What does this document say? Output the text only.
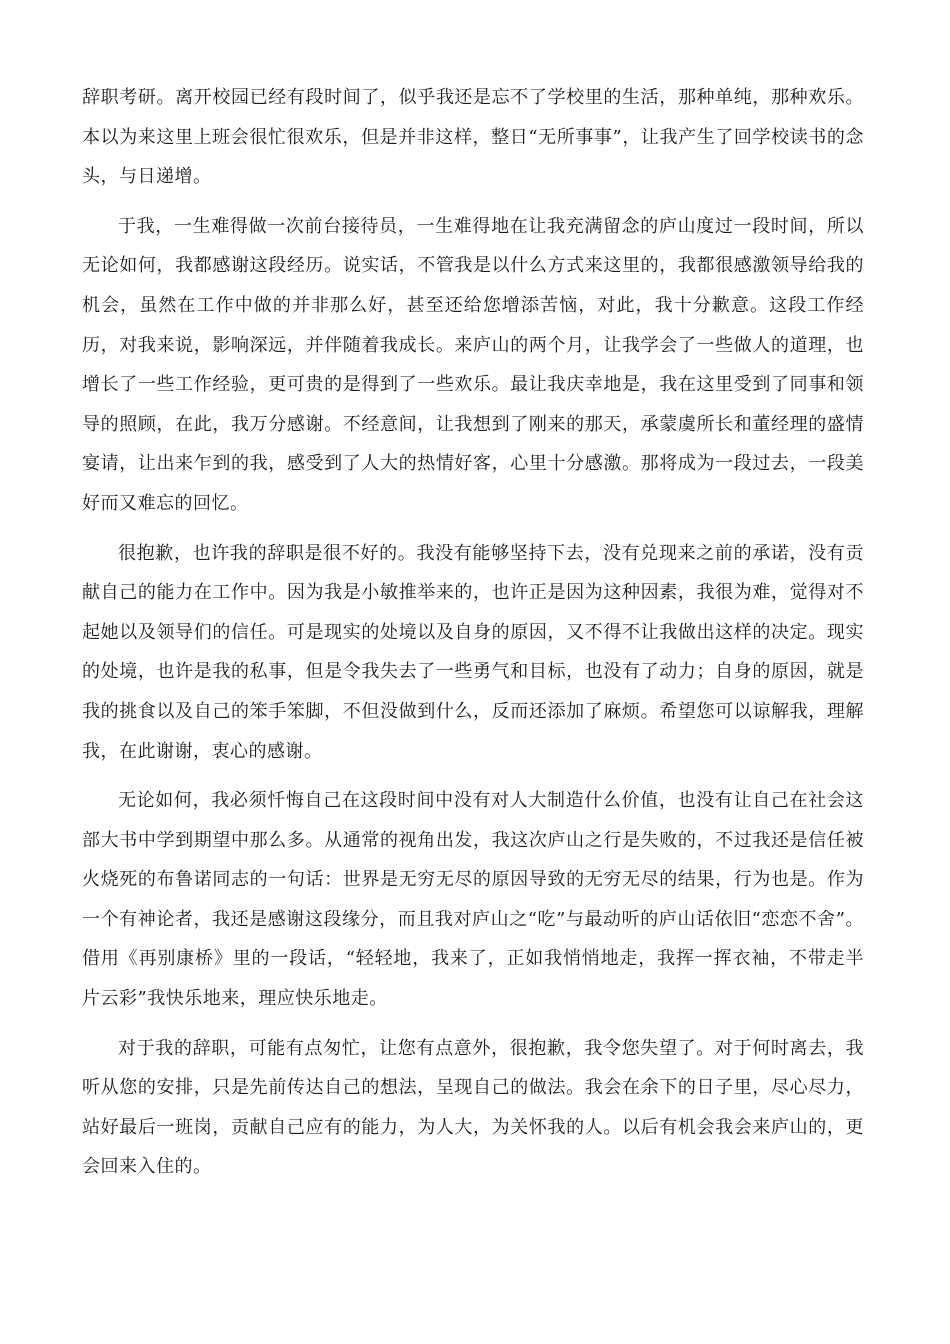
辞职考研。离开校园已经有段时间了，似乎我还是忘不了学校里的生活，那种单纯，那种欢乐。本以为来这里上班会很忙很欢乐，但是并非这样，整日“无所事事”，让我产生了回学校读书的念头，与日递增。

于我，一生难得做一次前台接待员，一生难得地在让我充满留念的庐山度过一段时间，所以无论如何，我都感谢这段经历。说实话，不管我是以什么方式来这里的，我都很感激领导给我的机会，虽然在工作中做的并非那么好，甚至还给您增添苦恼，对此，我十分歉意。这段工作经历，对我来说，影响深远，并伴随着我成长。来庐山的两个月，让我学会了一些做人的道理，也增长了一些工作经验，更可贵的是得到了一些欢乐。最让我庆幸地是，我在这里受到了同事和领导的照顾，在此，我万分感谢。不经意间，让我想到了刚来的那天，承蒙虞所长和董经理的盛情宴请，让出来乍到的我，感受到了人大的热情好客，心里十分感激。那将成为一段过去，一段美好而又难忘的回忆。

很抱歉，也许我的辞职是很不好的。我没有能够坚持下去，没有兑现来之前的承诺，没有贡献自己的能力在工作中。因为我是小敏推举来的，也许正是因为这种因素，我很为难，觉得对不起她以及领导们的信任。可是现实的处境以及自身的原因，又不得不让我做出这样的决定。现实的处境，也许是我的私事，但是令我失去了一些勇气和目标，也没有了动力；自身的原因，就是我的挑食以及自己的笨手笨脚，不但没做到什么，反而还添加了麻烦。希望您可以谅解我，理解我，在此谢谢，衷心的感谢。

无论如何，我必须忏悔自己在这段时间中没有对人大制造什么价值，也没有让自己在社会这部大书中学到期望中那么多。从通常的视角出发，我这次庐山之行是失败的，不过我还是信任被火烧死的布鲁诺同志的一句话：世界是无穷无尽的原因导致的无穷无尽的结果，行为也是。作为一个有神论者，我还是感谢这段缘分，而且我对庐山之“吃”与最动听的庐山话依旧“恋恋不舍”。借用《再别康桥》里的一段话，“轻轻地，我来了，正如我悄悄地走，我挥一挥衣袖，不带走半片云彩”我快乐地来，理应快乐地走。

对于我的辞职，可能有点匆忙，让您有点意外，很抱歉，我令您失望了。对于何时离去，我听从您的安排，只是先前传达自己的想法，呈现自己的做法。我会在余下的日子里，尽心尽力，站好最后一班岗，贡献自己应有的能力，为人大，为关怀我的人。以后有机会我会来庐山的，更会回来入住的。
